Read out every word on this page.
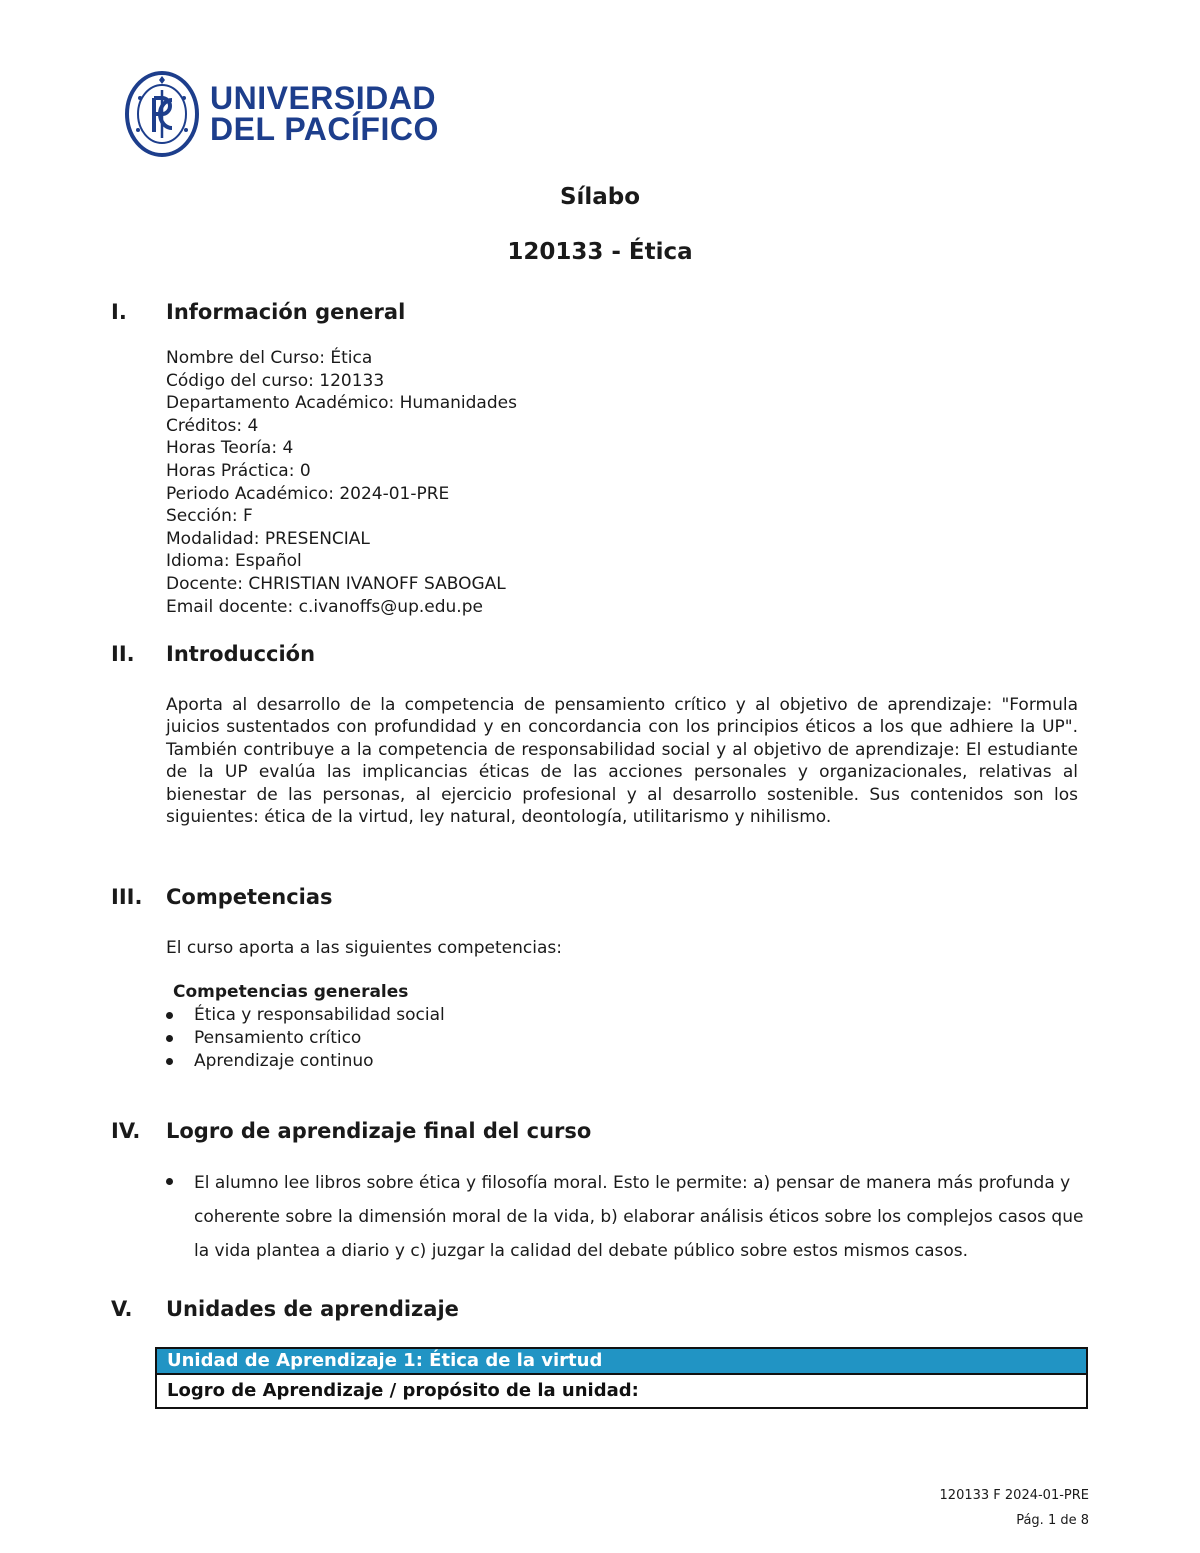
UNIVERSIDAD
DEL PACÍFICO
Sílabo
120133 - Ética
I. Información general
Nombre del Curso: Ética
Código del curso: 120133
Departamento Académico: Humanidades
Créditos: 4
Horas Teoría: 4
Horas Práctica: 0
Periodo Académico: 2024-01-PRE
Sección: F
Modalidad: PRESENCIAL
Idioma: Español
Docente: CHRISTIAN IVANOFF SABOGAL
Email docente: c.ivanoffs@up.edu.pe
II. Introducción
Aporta al desarrollo de la competencia de pensamiento crítico y al objetivo de aprendizaje: "Formula juicios sustentados con profundidad y en concordancia con los principios éticos a los que adhiere la UP". También contribuye a la competencia de responsabilidad social y al objetivo de aprendizaje: El estudiante de la UP evalúa las implicancias éticas de las acciones personales y organizacionales, relativas al bienestar de las personas, al ejercicio profesional y al desarrollo sostenible. Sus contenidos son los siguientes: ética de la virtud, ley natural, deontología, utilitarismo y nihilismo.
III. Competencias
El curso aporta a las siguientes competencias:
Competencias generales
Ética y responsabilidad social
Pensamiento crítico
Aprendizaje continuo
IV. Logro de aprendizaje final del curso
El alumno lee libros sobre ética y filosofía moral. Esto le permite: a) pensar de manera más profunda y coherente sobre la dimensión moral de la vida, b) elaborar análisis éticos sobre los complejos casos que la vida plantea a diario y c) juzgar la calidad del debate público sobre estos mismos casos.
V. Unidades de aprendizaje
Unidad de Aprendizaje 1: Ética de la virtud
Logro de Aprendizaje / propósito de la unidad:
120133 F 2024-01-PRE
Pág. 1 de 8
